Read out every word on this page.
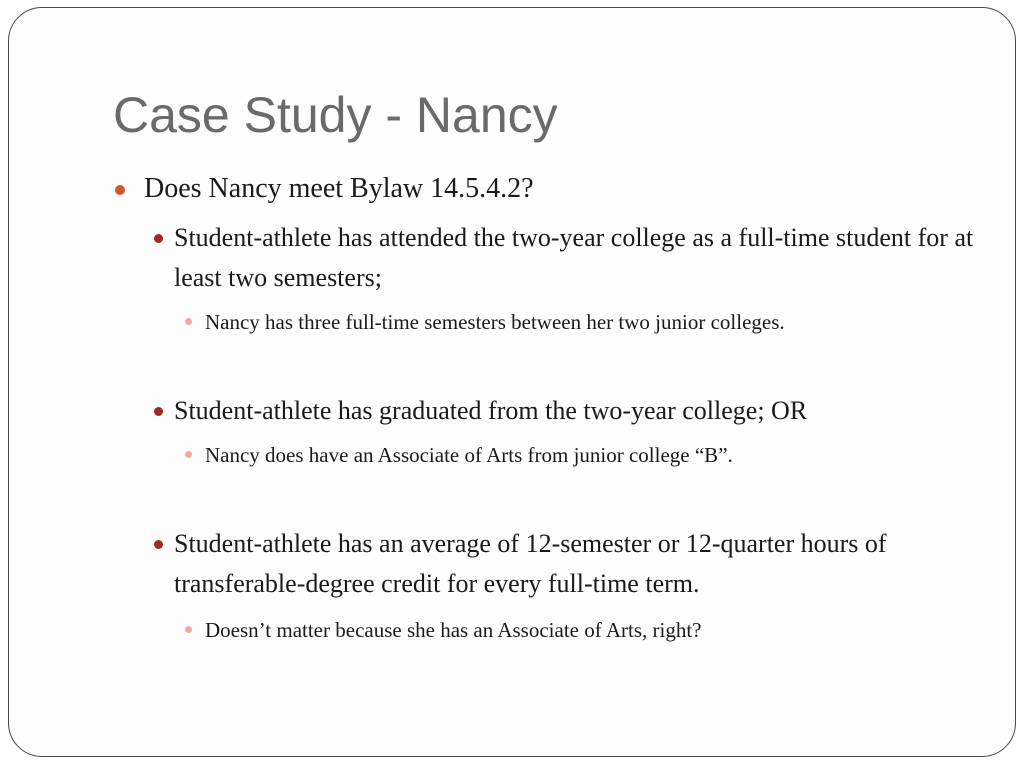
Case Study - Nancy
Does Nancy meet Bylaw 14.5.4.2?
Student-athlete has attended the two-year college as a full-time student for at least two semesters;
Nancy has three full-time semesters between her two junior colleges.
Student-athlete has graduated from the two-year college; OR
Nancy does have an Associate of Arts from junior college “B”.
Student-athlete has an average of 12-semester or 12-quarter hours of transferable-degree credit for every full-time term.
Doesn’t matter because she has an Associate of Arts, right?
